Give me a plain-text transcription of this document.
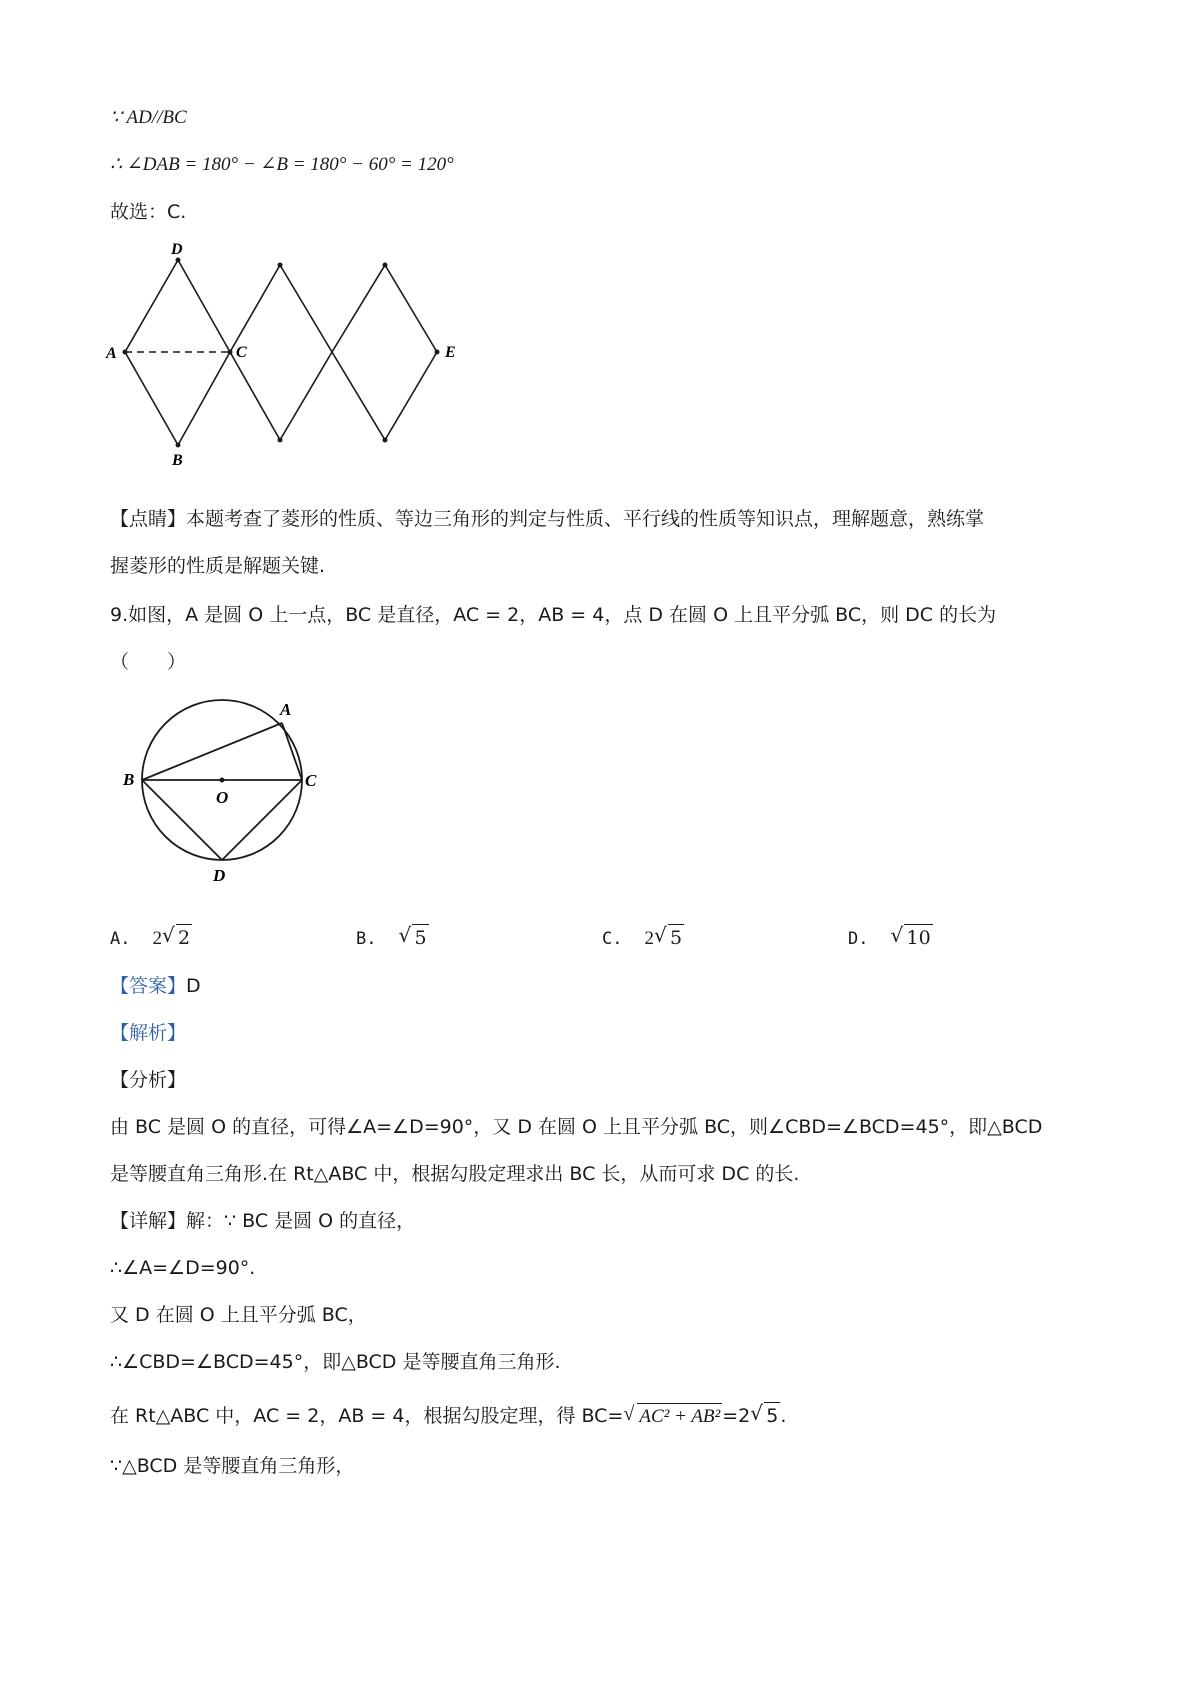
∵ AD//BC
∴ ∠DAB = 180° − ∠B = 180° − 60° = 120°
故选：C.
D
A	C	E
B
【点睛】本题考查了菱形的性质、等边三角形的判定与性质、平行线的性质等知识点，理解题意，熟练掌
握菱形的性质是解题关键.
9.如图，A 是圆 O 上一点，BC 是直径，AC = 2，AB = 4，点 D 在圆 O 上且平分弧 BC，则 DC 的长为
（　　）
A
B	C
O
D
A. 2 √ 2	B. √ 5	C. 2 √ 5	D. √ 10
【答案】D
【解析】
【分析】
由 BC 是圆 O 的直径，可得∠A=∠D=90°，又 D 在圆 O 上且平分弧 BC，则∠CBD=∠BCD=45°，即△BCD
是等腰直角三角形.在 Rt△ABC 中，根据勾股定理求出 BC 长，从而可求 DC 的长.
【详解】解：∵ BC 是圆 O 的直径，
∴∠A=∠D=90°.
又 D 在圆 O 上且平分弧 BC，
∴∠CBD=∠BCD=45°，即△BCD 是等腰直角三角形.
在 Rt△ABC 中，AC = 2，AB = 4，根据勾股定理，得 BC= √ AC² + AB² =2 √ 5 .
∵△BCD 是等腰直角三角形，
